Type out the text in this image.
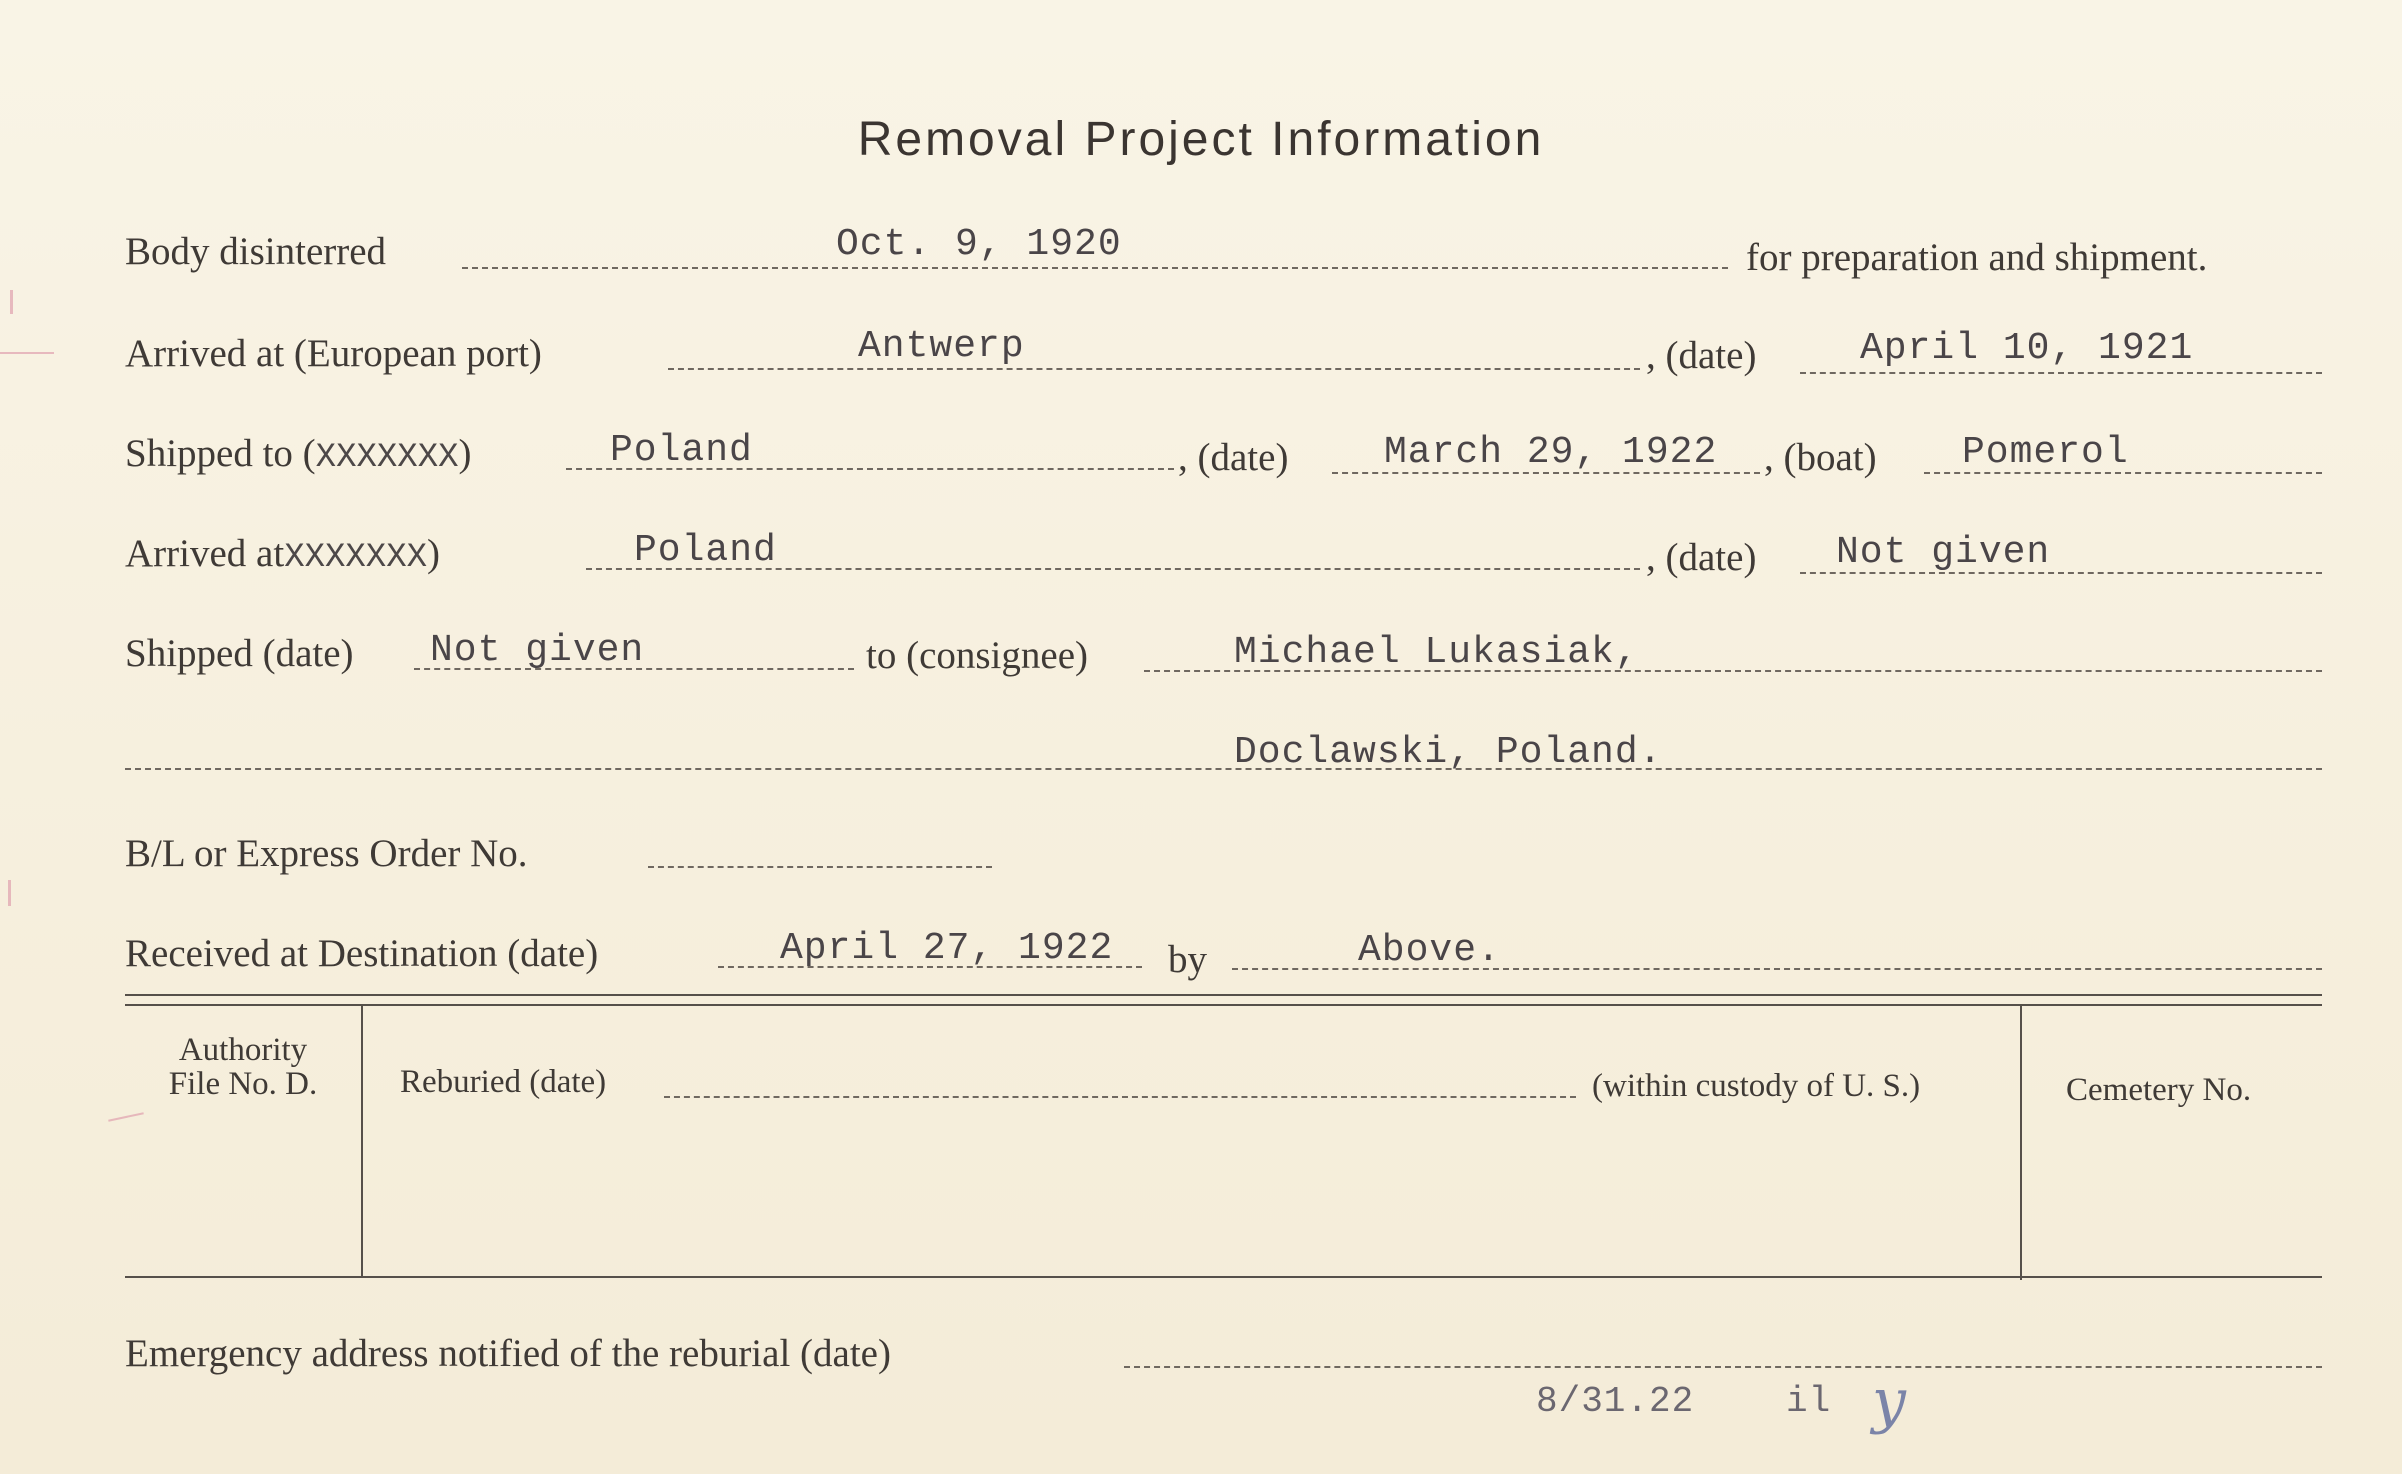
Removal Project Information
Body disinterred	Oct. 9, 1920	for preparation and shipment.
Arrived at (European port)	Antwerp	, (date)	April 10, 1921
Shipped to (XXXXXXX)	Poland	, (date)	March 29, 1922 , (boat) Pomerol
Arrived atXXXXXXX)	Poland	, (date) Not given
Shipped (date) Not given	to (consignee)	Michael Lukasiak,
Doclawski, Poland.
B/L or Express Order No.
Received at Destination (date)	April 27, 1922 by	Above.
Authority
File No. D.	Reburied (date)	(within custody of U. S.)	Cemetery No.
Emergency address notified of the reburial (date)
8/31.22	il y
